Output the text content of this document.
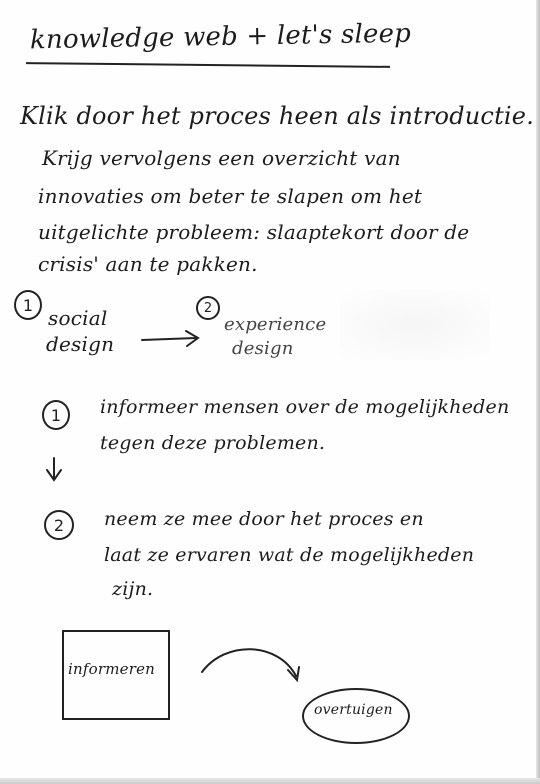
knowledge web + let's sleep
Klik door het proces heen als introductie.
Krijg vervolgens een overzicht van
innovaties om beter te slapen om het
uitgelichte probleem: slaaptekort door de
crisis' aan te pakken.
1
social
design
2
experience
design
1	informeer mensen over de mogelijkheden
tegen deze problemen.
2	neem ze mee door het proces en
laat ze ervaren wat de mogelijkheden
zijn.
informeren
overtuigen
